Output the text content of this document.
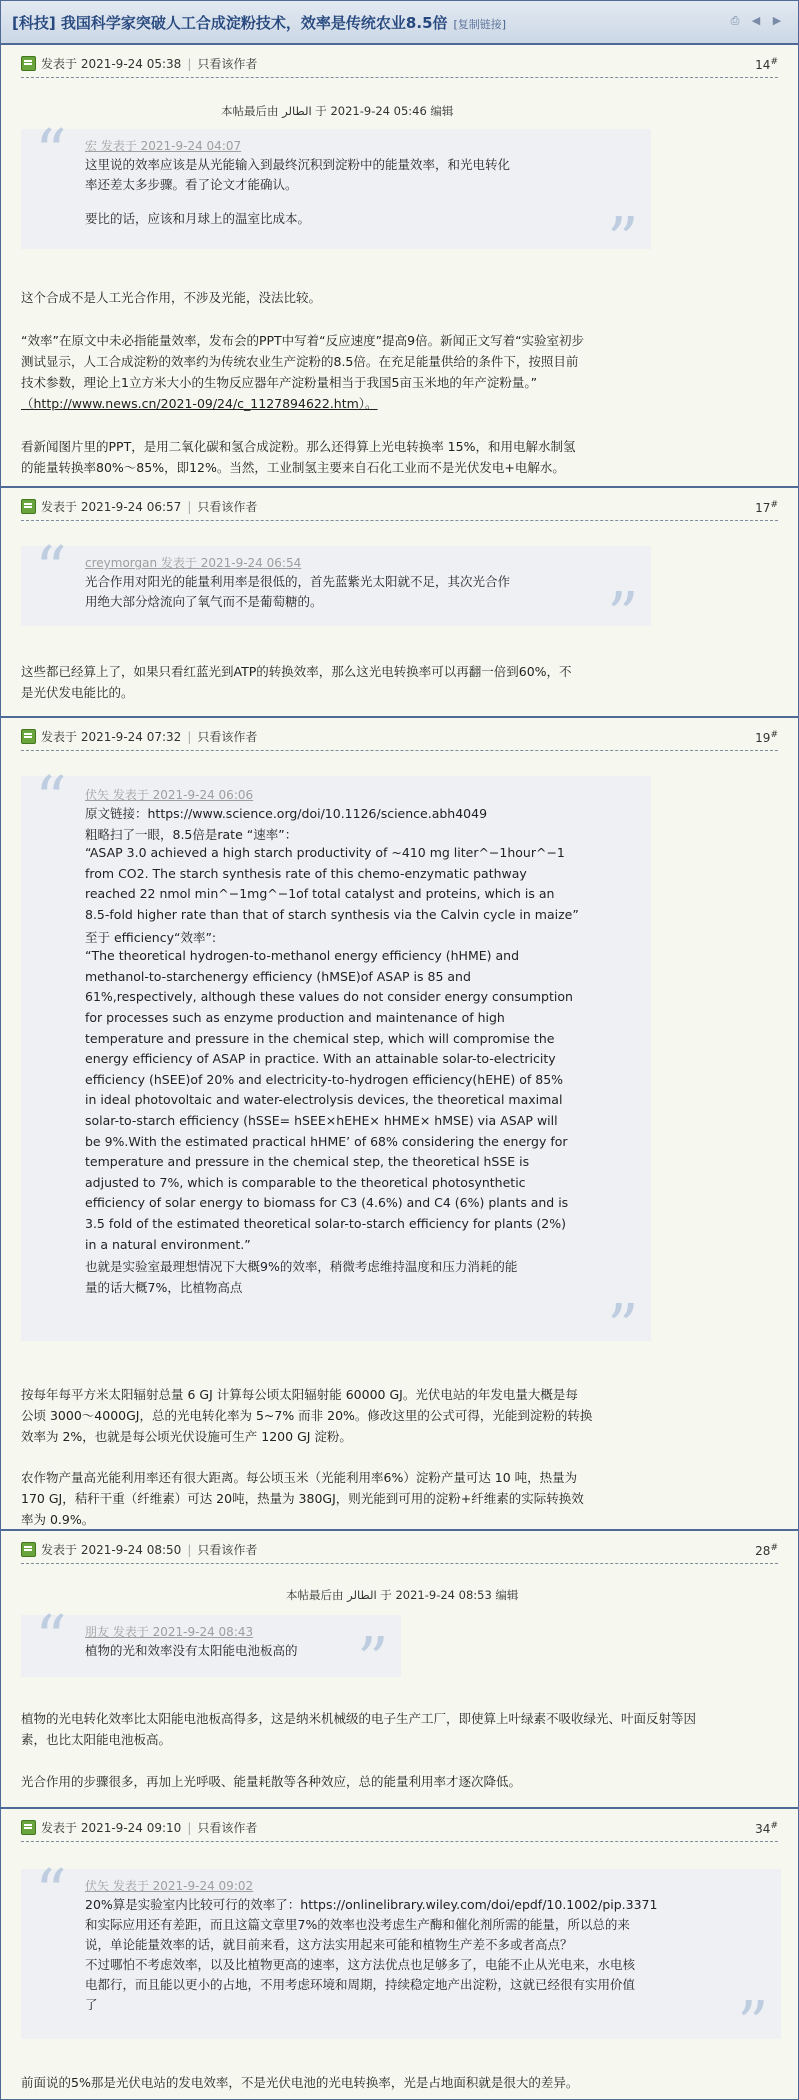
[科技] 我国科学家突破人工合成淀粉技术，效率是传统农业8.5倍 [复制链接]	⎙ ◀ ▶
发表于 2021-9-24 05:38 | 只看该作者	14#
本帖最后由 الطالر 于 2021-9-24 05:46 编辑
“ 宏 发表于 2021-9-24 04:07
这里说的效率应该是从光能输入到最终沉积到淀粉中的能量效率，和光电转化
率还差太多步骤。看了论文才能确认。
要比的话，应该和月球上的温室比成本。	”
这个合成不是人工光合作用，不涉及光能，没法比较。
“效率”在原文中未必指能量效率，发布会的PPT中写着“反应速度”提高9倍。新闻正文写着“实验室初步
测试显示，人工合成淀粉的效率约为传统农业生产淀粉的8.5倍。在充足能量供给的条件下，按照目前
技术参数，理论上1立方米大小的生物反应器年产淀粉量相当于我国5亩玉米地的年产淀粉量。”
（http://www.news.cn/2021-09/24/c_1127894622.htm）。
看新闻图片里的PPT，是用二氧化碳和氢合成淀粉。那么还得算上光电转换率 15%，和用电解水制氢
的能量转换率80%～85%，即12%。当然，工业制氢主要来自石化工业而不是光伏发电+电解水。
发表于 2021-9-24 06:57 | 只看该作者	17#
“ creymorgan 发表于 2021-9-24 06:54
光合作用对阳光的能量利用率是很低的，首先蓝紫光太阳就不足，其次光合作
用绝大部分焓流向了氧气而不是葡萄糖的。	”
这些都已经算上了，如果只看红蓝光到ATP的转换效率，那么这光电转换率可以再翻一倍到60%，不
是光伏发电能比的。
发表于 2021-9-24 07:32 | 只看该作者	19#
“ 伏矢 发表于 2021-9-24 06:06
原文链接：https://www.science.org/doi/10.1126/science.abh4049
粗略扫了一眼，8.5倍是rate “速率”：
“ASAP 3.0 achieved a high starch productivity of ~410 mg liter^−1hour^−1
from CO2. The starch synthesis rate of this chemo-enzymatic pathway
reached 22 nmol min^−1mg^−1of total catalyst and proteins, which is an
8.5-fold higher rate than that of starch synthesis via the Calvin cycle in maize”
至于 efficiency“效率”:
“The theoretical hydrogen-to-methanol energy efficiency (hHME) and
methanol-to-starchenergy efficiency (hMSE)of ASAP is 85 and
61%,respectively, although these values do not consider energy consumption
for processes such as enzyme production and maintenance of high
temperature and pressure in the chemical step, which will compromise the
energy efficiency of ASAP in practice. With an attainable solar-to-electricity
efficiency (hSEE)of 20% and electricity-to-hydrogen efficiency(hEHE) of 85%
in ideal photovoltaic and water-electrolysis devices, the theoretical maximal
solar-to-starch efficiency (hSSE= hSEE×hEHE× hHME× hMSE) via ASAP will
be 9%.With the estimated practical hHME’ of 68% considering the energy for
temperature and pressure in the chemical step, the theoretical hSSE is
adjusted to 7%, which is comparable to the theoretical photosynthetic
efficiency of solar energy to biomass for C3 (4.6%) and C4 (6%) plants and is
3.5 fold of the estimated theoretical solar-to-starch efficiency for plants (2%)
in a natural environment.”
也就是实验室最理想情况下大概9%的效率，稍微考虑维持温度和压力消耗的能
量的话大概7%，比植物高点
”
按每年每平方米太阳辐射总量 6 GJ 计算每公顷太阳辐射能 60000 GJ。光伏电站的年发电量大概是每
公顷 3000～4000GJ，总的光电转化率为 5~7% 而非 20%。修改这里的公式可得，光能到淀粉的转换
效率为 2%，也就是每公顷光伏设施可生产 1200 GJ 淀粉。
农作物产量高光能利用率还有很大距离。每公顷玉米（光能利用率6%）淀粉产量可达 10 吨，热量为
170 GJ，秸秆干重（纤维素）可达 20吨，热量为 380GJ，则光能到可用的淀粉+纤维素的实际转换效
率为 0.9%。
发表于 2021-9-24 08:50 | 只看该作者	28#
本帖最后由 الطالر 于 2021-9-24 08:53 编辑
“ 朋友 发表于 2021-9-24 08:43
植物的光和效率没有太阳能电池板高的 ”
植物的光电转化效率比太阳能电池板高得多，这是纳米机械级的电子生产工厂，即使算上叶绿素不吸收绿光、叶面反射等因
素，也比太阳能电池板高。
光合作用的步骤很多，再加上光呼吸、能量耗散等各种效应，总的能量利用率才逐次降低。
发表于 2021-9-24 09:10 | 只看该作者	34#
“ 伏矢 发表于 2021-9-24 09:02
20%算是实验室内比较可行的效率了：https://onlinelibrary.wiley.com/doi/epdf/10.1002/pip.3371
和实际应用还有差距，而且这篇文章里7%的效率也没考虑生产酶和催化剂所需的能量，所以总的来
说，单论能量效率的话，就目前来看，这方法实用起来可能和植物生产差不多或者高点？
不过哪怕不考虑效率，以及比植物更高的速率，这方法优点也足够多了，电能不止从光电来，水电核
电都行，而且能以更小的占地，不用考虑环境和周期，持续稳定地产出淀粉，这就已经很有实用价值
了	”
前面说的5%那是光伏电站的发电效率，不是光伏电池的光电转换率，光是占地面积就是很大的差异。
